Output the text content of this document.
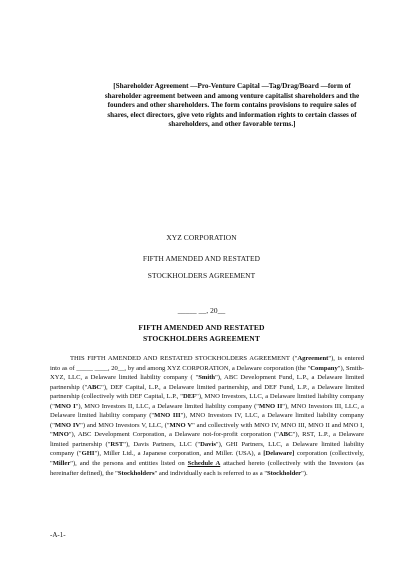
[Shareholder Agreement —Pro-Venture Capital —Tag/Drag/Board —form of shareholder agreement between and among venture capitalist shareholders and the founders and other shareholders. The form contains provisions to require sales of shares, elect directors, give veto rights and information rights to certain classes of shareholders, and other favorable terms.]
XYZ CORPORATION
FIFTH AMENDED AND RESTATED
STOCKHOLDERS AGREEMENT
_____ __, 20__
FIFTH AMENDED AND RESTATED
STOCKHOLDERS AGREEMENT
THIS FIFTH AMENDED AND RESTATED STOCKHOLDERS AGREEMENT ("Agreement"), is entered into as of _____ ____, 20__, by and among XYZ CORPORATION, a Delaware corporation (the "Company"), Smith-XYZ, LLC, a Delaware limited liability company ( "Smith"), ABC Development Fund, L.P., a Delaware limited partnership ("ABC"), DEF Capital, L.P., a Delaware limited partnership, and DEF Fund, L.P., a Delaware limited partnership (collectively with DEF Capital, L.P., "DEF"), MNO Investors, LLC, a Delaware limited liability company ("MNO I"), MNO Investors II, LLC, a Delaware limited liability company ("MNO II"), MNO Investors III, LLC, a Delaware limited liability company ("MNO III"), MNO Investors IV, LLC, a Delaware limited liability company ("MNO IV") and MNO Investors V, LLC, ("MNO V" and collectively with MNO IV, MNO III, MNO II and MNO I, "MNO"), ABC Development Corporation, a Delaware not-for-profit corporation ("ABC"), RST, L.P., a Delaware limited partnership ("RST"), Davis Partners, LLC ("Davis"), GHI Partners, LLC, a Delaware limited liability company ("GHI"), Miller Ltd., a Japanese corporation, and Miller. (USA), a [Delaware] corporation (collectively, "Miller"), and the persons and entities listed on Schedule A attached hereto (collectively with the Investors (as hereinafter defined), the "Stockholders" and individually each is referred to as a "Stockholder").
-A-1-
